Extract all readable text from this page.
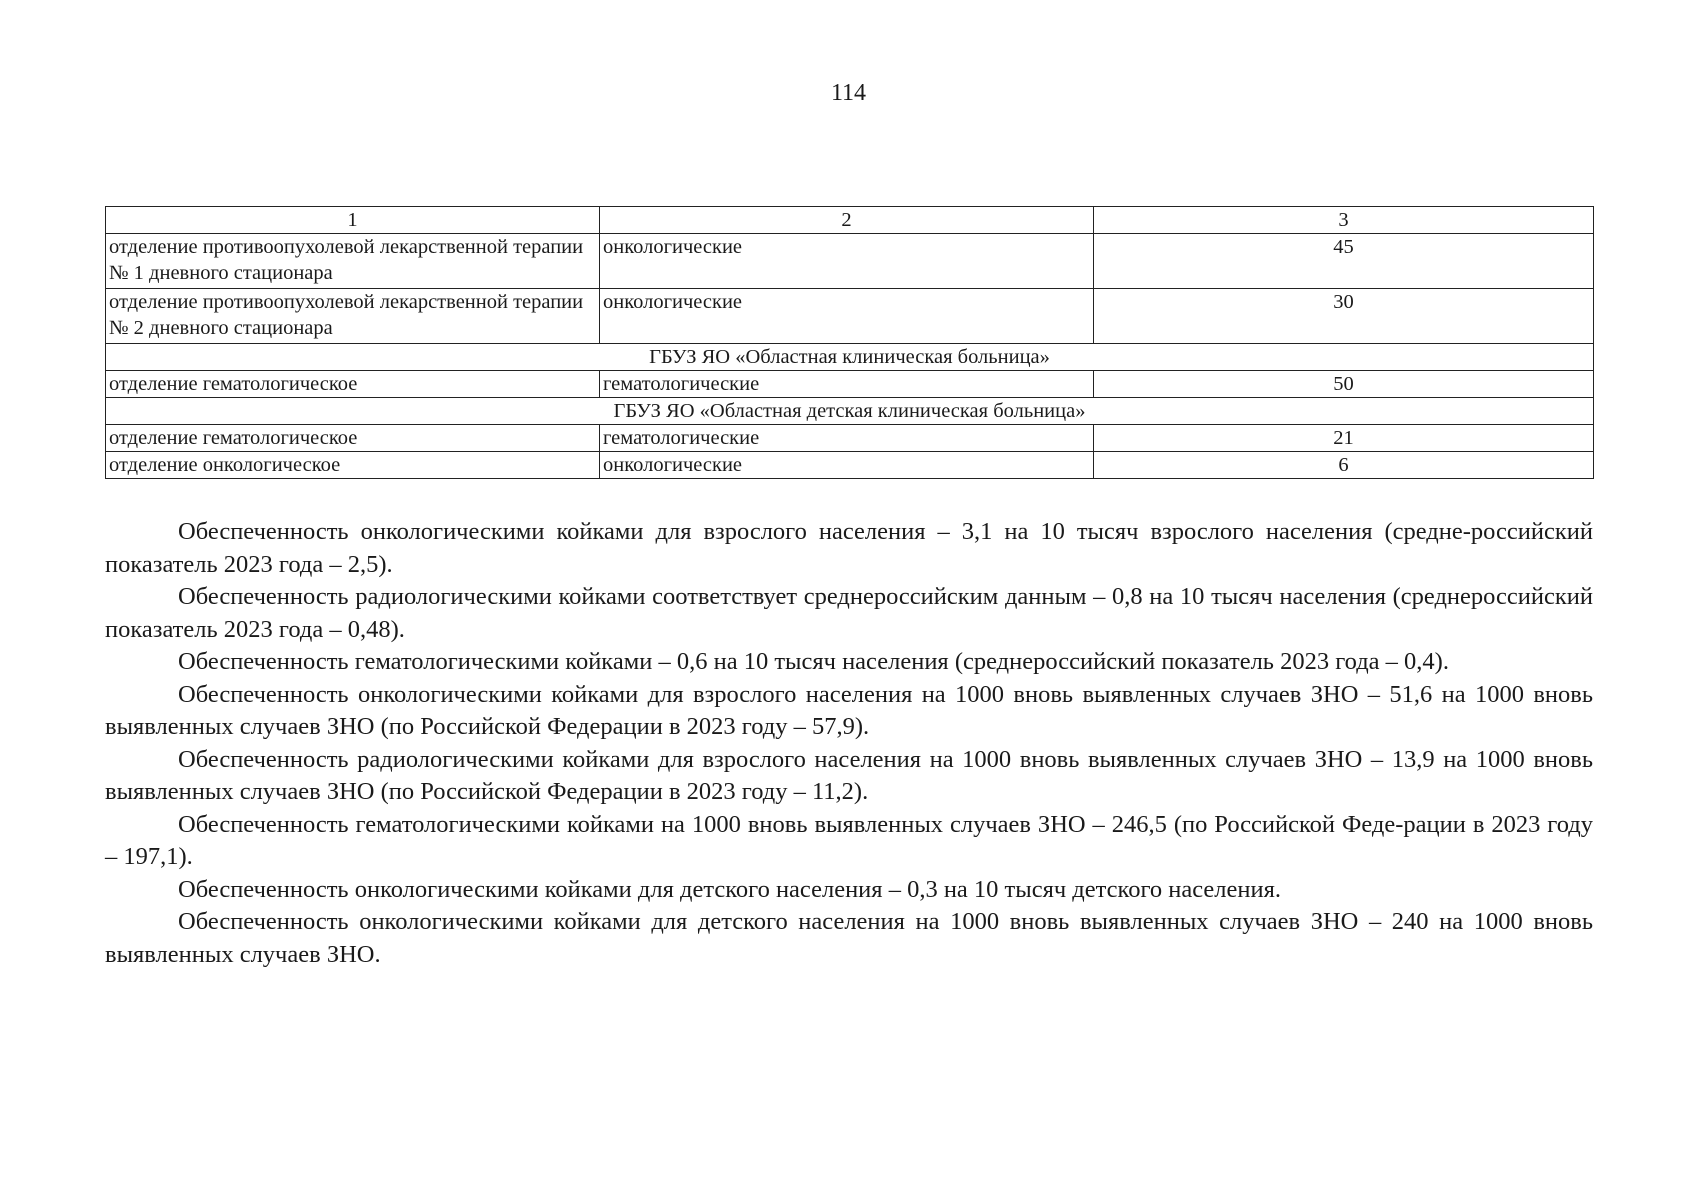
114
1	2	3
отделение противоопухолевой лекарственной терапии № 1 дневного стационара	онкологические	45
отделение противоопухолевой лекарственной терапии № 2 дневного стационара	онкологические	30
ГБУЗ ЯО «Областная клиническая больница»		
отделение гематологическое	гематологические	50
ГБУЗ ЯО «Областная детская клиническая больница»		
отделение гематологическое	гематологические	21
отделение онкологическое	онкологические	6

Обеспеченность онкологическими койками для взрослого населения – 3,1 на 10 тысяч взрослого населения (средне-российский показатель 2023 года – 2,5).

Обеспеченность радиологическими койками соответствует среднероссийским данным – 0,8 на 10 тысяч населения (среднероссийский показатель 2023 года – 0,48).

Обеспеченность гематологическими койками – 0,6 на 10 тысяч населения (среднероссийский показатель 2023 года – 0,4).

Обеспеченность онкологическими койками для взрослого населения на 1000 вновь выявленных случаев ЗНО – 51,6 на 1000 вновь выявленных случаев ЗНО (по Российской Федерации в 2023 году – 57,9).

Обеспеченность радиологическими койками для взрослого населения на 1000 вновь выявленных случаев ЗНО – 13,9 на 1000 вновь выявленных случаев ЗНО (по Российской Федерации в 2023 году – 11,2).

Обеспеченность гематологическими койками на 1000 вновь выявленных случаев ЗНО – 246,5 (по Российской Феде-рации в 2023 году – 197,1).

Обеспеченность онкологическими койками для детского населения – 0,3 на 10 тысяч детского населения.

Обеспеченность онкологическими койками для детского населения на 1000 вновь выявленных случаев ЗНО – 240 на 1000 вновь выявленных случаев ЗНО.
